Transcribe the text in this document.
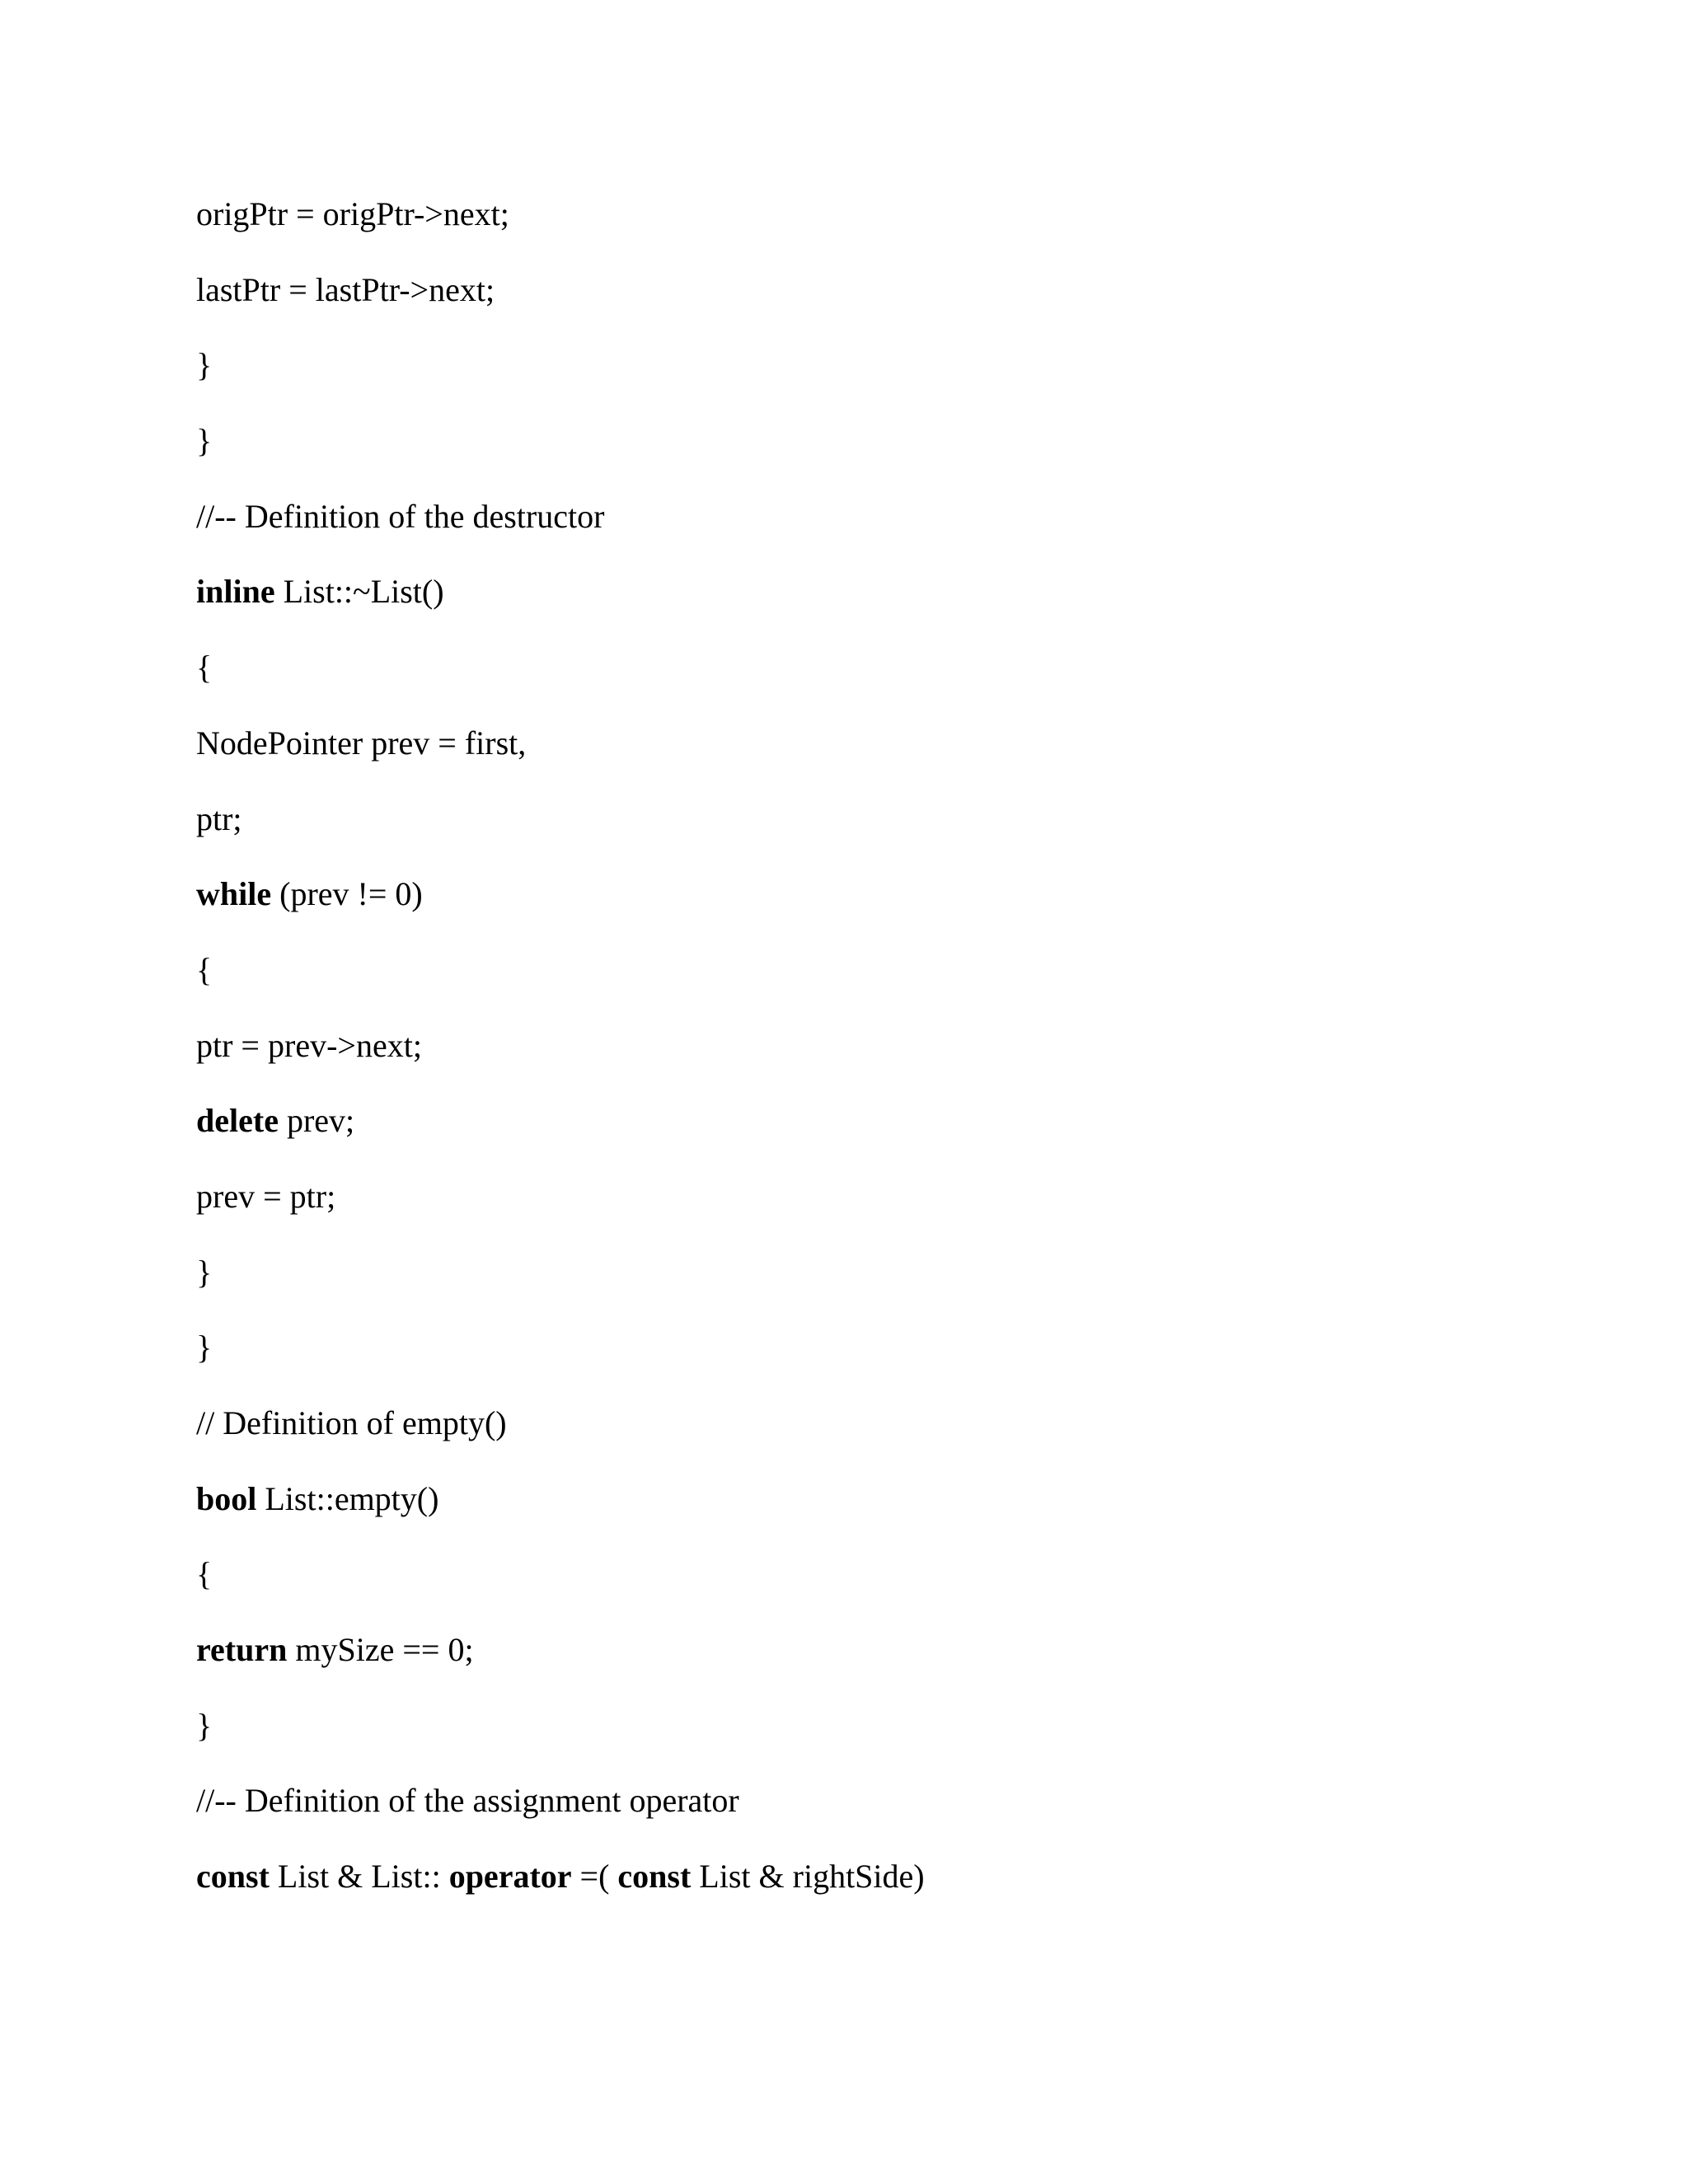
origPtr = origPtr->next;
lastPtr = lastPtr->next;
}
}
//-- Definition of the destructor
inline List::~List()
{
NodePointer prev = first,
ptr;
while (prev != 0)
{
ptr = prev->next;
delete prev;
prev = ptr;
}
}
// Definition of empty()
bool List::empty()
{
return mySize == 0;
}
//-- Definition of the assignment operator
const List & List:: operator =( const List & rightSide)
